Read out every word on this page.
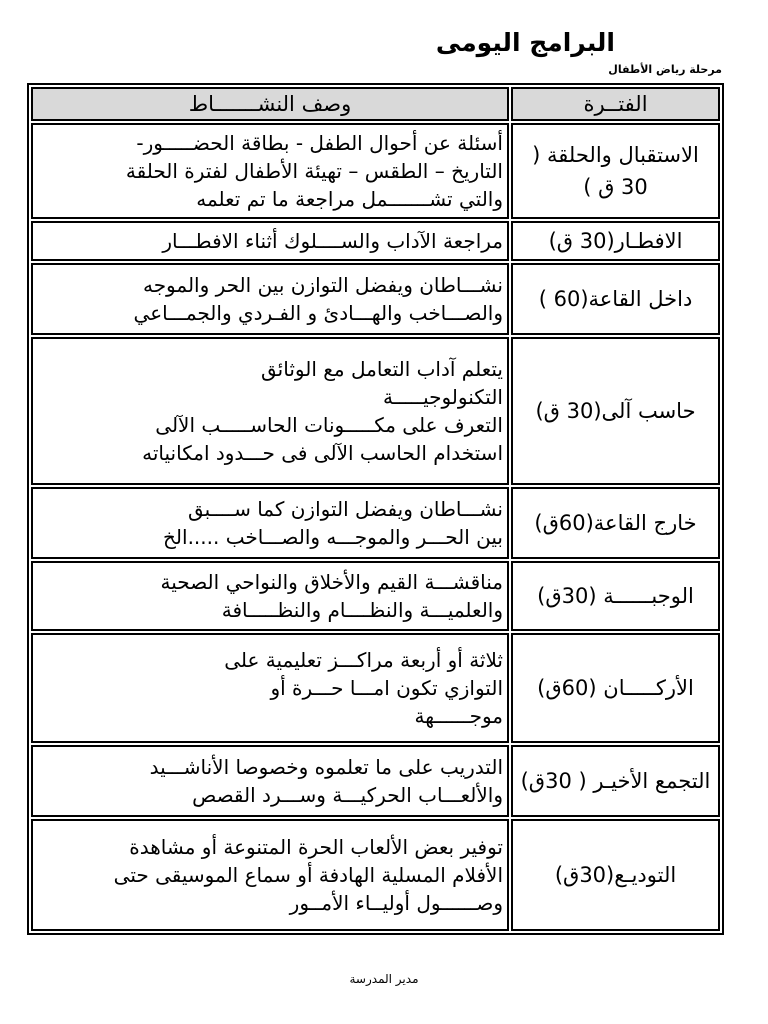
البرامج اليومى
مرحلة رياض الأطفال
الفتــرة	وصف النشـــــــاط
الاستقبال والحلقة ( 30 ق )	أسئلة عن أحوال الطفل - بطاقة الحضـــــور-
التاريخ – الطقس – تهيئة الأطفال لفترة الحلقة
والتي تشـــــــمل مراجعة ما تم تعلمه

الافطـار(30 ق)	مراجعة الآداب والســــلوك أثناء الافطـــار

داخل القاعة(60 )	نشـــاطان ويفضل التوازن بين الحر والموجه
والصـــاخب والهـــادئ و الفـردي والجمـــاعي

حاسب آلى(30 ق)	يتعلم آداب التعامل مع الوثائق
التكنولوجيـــــة
التعرف على مكـــــونات الحاســـــب الآلى
استخدام الحاسب الآلى فى حـــدود امكانياته

خارج القاعة(60ق)	نشـــاطان ويفضل التوازن كما ســــبق
بين الحـــر والموجـــه والصـــاخب .....الخ

الوجبــــــة (30ق)	مناقشـــة القيم والأخلاق والنواحي الصحية
والعلميـــة والنظــــام والنظـــــافة

الأركـــــان (60ق)	ثلاثة أو أربعة مراكـــز تعليمية على
التوازي تكون امـــا حـــرة أو
موجــــــهة

التجمع الأخيـر ( 30ق)	التدريب على ما تعلموه وخصوصا الأناشـــيد
والألعـــاب الحركيـــة وســـرد القصص

التوديـع(30ق)	توفير بعض الألعاب الحرة المتنوعة أو مشاهدة
الأفلام المسلية الهادفة أو سماع الموسيقى حتى
وصــــــول أوليــاء الأمــور
مدير المدرسة
